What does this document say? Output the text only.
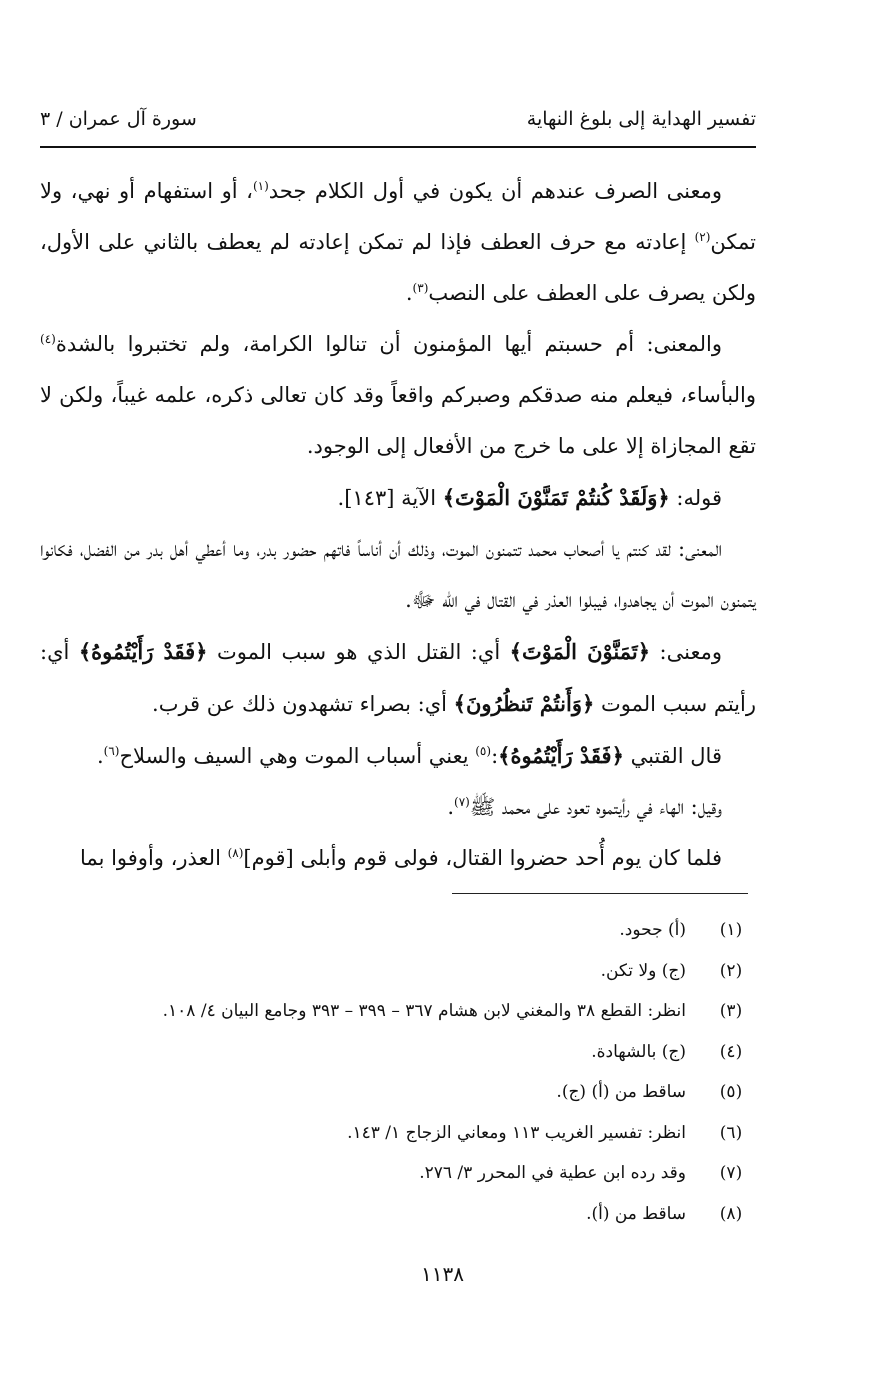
تفسير الهداية إلى بلوغ النهاية
سورة آل عمران / ٣

ومعنى الصرف عندهم أن يكون في أول الكلام جحد$^{(١)}$، أو استفهام أو نهي، ولا تمكن$^{(٢)}$ إعادته مع حرف العطف فإذا لم تمكن إعادته لم يعطف بالثاني على الأول، ولكن يصرف على العطف على النصب$^{(٣)}$.

والمعنى: أم حسبتم أيها المؤمنون أن تنالوا الكرامة، ولم تختبروا بالشدة$^{(٤)}$ والبأساء، فيعلم منه صدقكم وصبركم واقعاً وقد كان تعالى ذكره، علمه غيباً، ولكن لا تقع المجازاة إلا على ما خرج من الأفعال إلى الوجود.

قوله: ﴿وَلَقَدْ كُنتُمْ تَمَنَّوْنَ الْمَوْتَ﴾ الآية [١٤٣].

المعنى: لقد كنتم يا أصحاب محمد تتمنون الموت، وذلك أن أناساً فاتهم حضور بدر، وما أعطي أهل بدر من الفضل، فكانوا يتمنون الموت أن يجاهدوا، فيبلوا العذر في القتال في الله ﷻ.

ومعنى: ﴿تَمَنَّوْنَ الْمَوْتَ﴾ أي: القتل الذي هو سبب الموت ﴿فَقَدْ رَأَيْتُمُوهُ﴾ أي: رأيتم سبب الموت ﴿وَأَنتُمْ تَنظُرُونَ﴾ أي: بصراء تشهدون ذلك عن قرب.

قال القتبي ﴿فَقَدْ رَأَيْتُمُوهُ﴾:$^{(٥)}$ يعني أسباب الموت وهي السيف والسلاح$^{(٦)}$.

وقيل: الهاء في رأيتموه تعود على محمد ﷺ$^{(٧)}$.

فلما كان يوم أُحد حضروا القتال، فولى قوم وأبلى [قوم]$^{(٨)}$ العذر، وأوفوا بما

(١)
(أ) جحود.
(٢)
(ج) ولا تكن.
(٣)
انظر: القطع ٣٨ والمغني لابن هشام ٣٦٧ – ٣٩٩ – ٣٩٣ وجامع البيان ٤/ ١٠٨.
(٤)
(ج) بالشهادة.
(٥)
ساقط من (أ) (ج).
(٦)
انظر: تفسير الغريب ١١٣ ومعاني الزجاج ١/ ١٤٣.
(٧)
وقد رده ابن عطية في المحرر ٣/ ٢٧٦.
(٨)
ساقط من (أ).
١١٣٨
